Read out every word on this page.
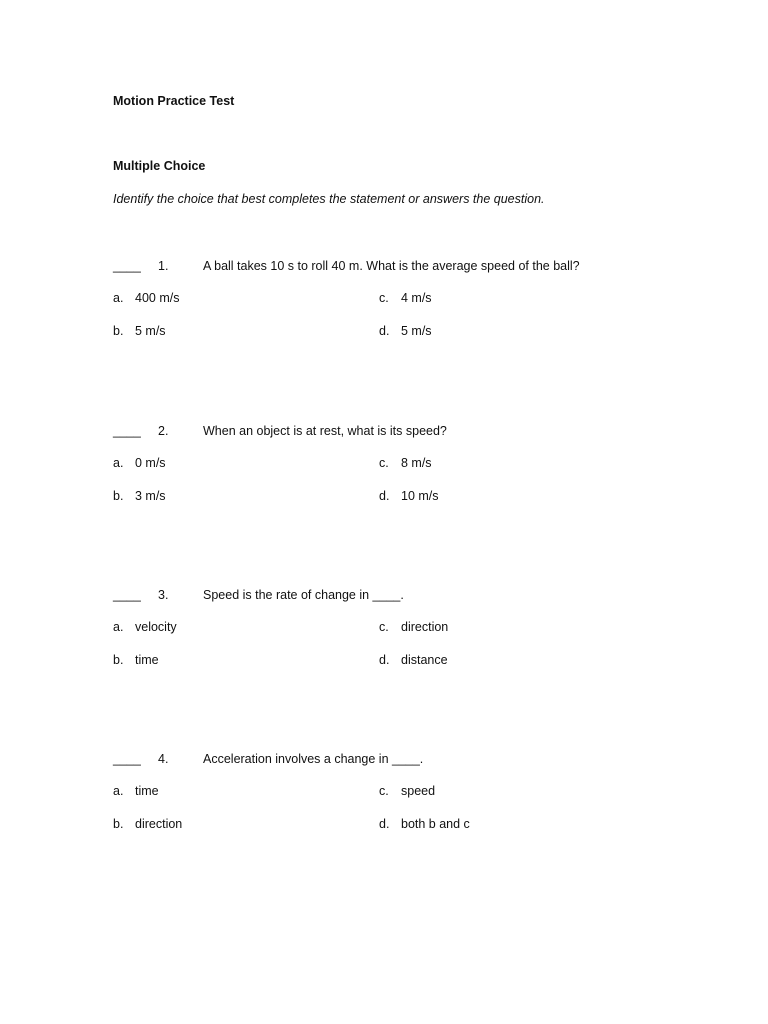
Motion Practice Test
Multiple Choice
Identify the choice that best completes the statement or answers the question.
____ 1.	A ball takes 10 s to roll 40 m. What is the average speed of the ball?
a. 400 m/s
b. 5 m/s
c. 4 m/s
d. 5 m/s
____ 2.	When an object is at rest, what is its speed?
a. 0 m/s
b. 3 m/s
c. 8 m/s
d. 10 m/s
____ 3.	Speed is the rate of change in ____.
a. velocity
b. time
c. direction
d. distance
____ 4.	Acceleration involves a change in ____.
a. time
b. direction
c. speed
d. both b and c
